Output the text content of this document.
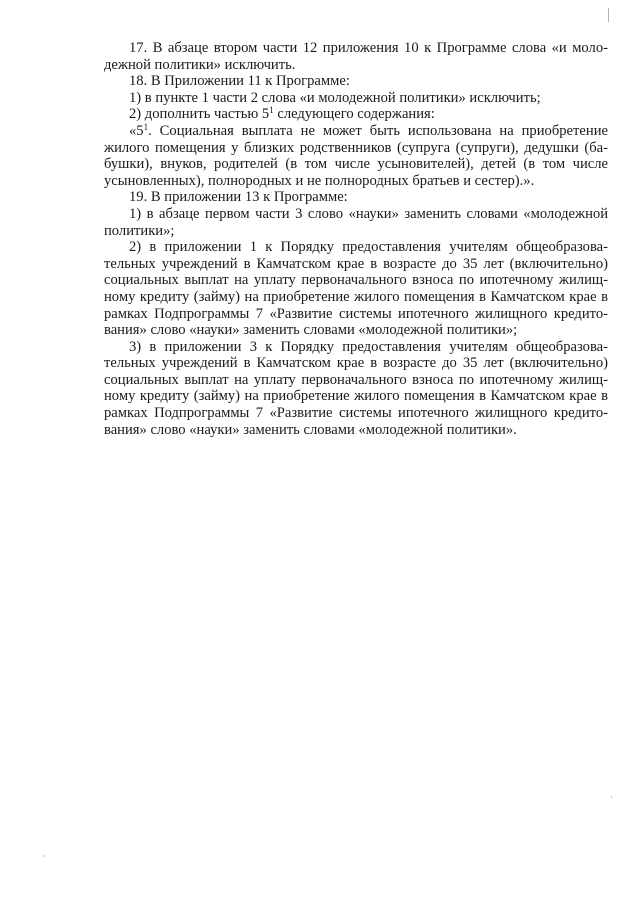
17. В абзаце втором части 12 приложения 10 к Программе слова «и молодежной политики» исключить.

18. В Приложении 11 к Программе:

1) в пункте 1 части 2 слова «и молодежной политики» исключить;

2) дополнить частью $5^1$ следующего содержания:

«$5^1$. Социальная выплата не может быть использована на приобретение жилого помещения у близких родственников (супруга (супруги), дедушки (бабушки), внуков, родителей (в том числе усыновителей), детей (в том числе усыновленных), полнородных и не полнородных братьев и сестер).».

19. В приложении 13 к Программе:

1) в абзаце первом части 3 слово «науки» заменить словами «молодежной политики»;

2) в приложении 1 к Порядку предоставления учителям общеобразовательных учреждений в Камчатском крае в возрасте до 35 лет (включительно) социальных выплат на уплату первоначального взноса по ипотечному жилищному кредиту (займу) на приобретение жилого помещения в Камчатском крае в рамках Подпрограммы 7 «Развитие системы ипотечного жилищного кредитования» слово «науки» заменить словами «молодежной политики»;

3) в приложении 3 к Порядку предоставления учителям общеобразовательных учреждений в Камчатском крае в возрасте до 35 лет (включительно) социальных выплат на уплату первоначального взноса по ипотечному жилищному кредиту (займу) на приобретение жилого помещения в Камчатском крае в рамках Подпрограммы 7 «Развитие системы ипотечного жилищного кредитования» слово «науки» заменить словами «молодежной политики».
